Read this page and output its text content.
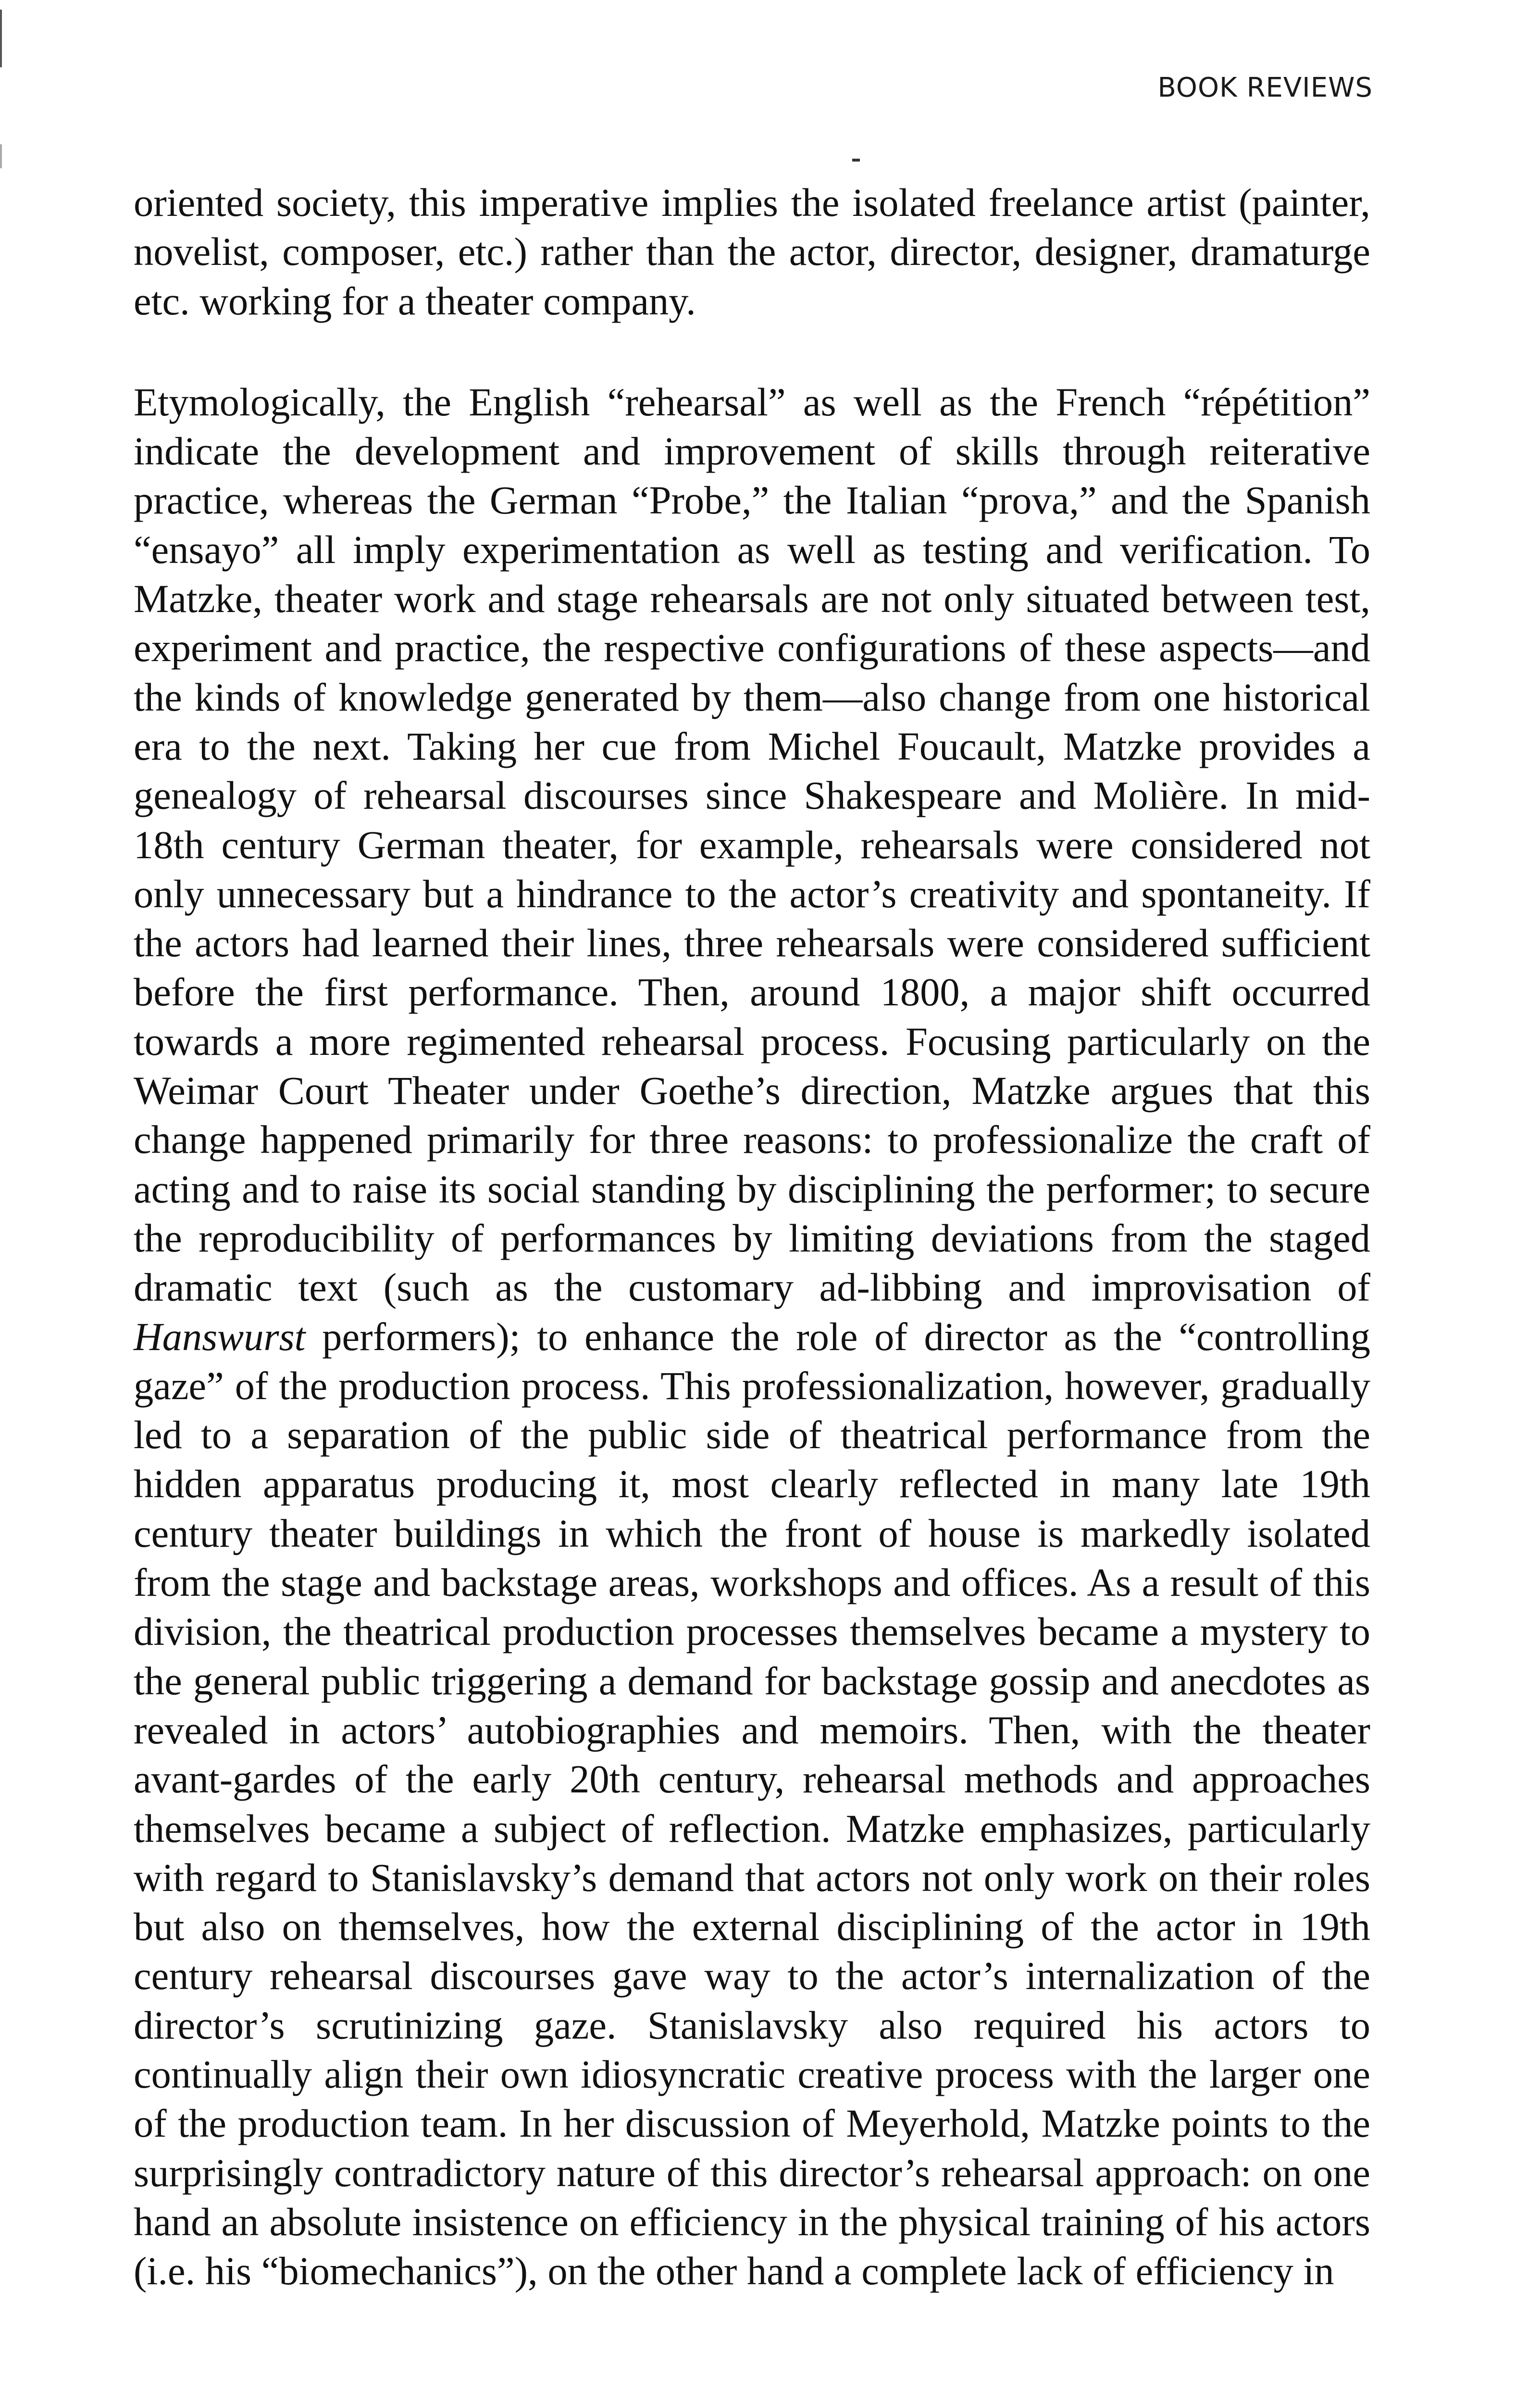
BOOK REVIEWS

oriented society, this imperative implies the isolated freelance artist (painter, novelist, composer, etc.) rather than the actor, director, designer, dramaturge etc. working for a theater company.

Etymologically, the English “rehearsal” as well as the French “répétition” indicate the development and improvement of skills through reiterative practice, whereas the German “Probe,” the Italian “prova,” and the Spanish “ensayo” all imply experimentation as well as testing and verification. To Matzke, theater work and stage rehearsals are not only situated between test, experiment and practice, the respective configurations of these aspects—and the kinds of knowledge generated by them—also change from one historical era to the next. Taking her cue from Michel Foucault, Matzke provides a genealogy of rehearsal discourses since Shakespeare and Molière. In mid-18th century German theater, for example, rehearsals were considered not only unnecessary but a hindrance to the actor’s creativity and spontaneity. If the actors had learned their lines, three rehearsals were considered sufficient before the first performance. Then, around 1800, a major shift occurred towards a more regimented rehearsal process. Focusing particularly on the Weimar Court Theater under Goethe’s direction, Matzke argues that this change happened primarily for three reasons: to professionalize the craft of acting and to raise its social standing by disciplining the performer; to secure the reproducibility of performances by limiting deviations from the staged dramatic text (such as the customary ad-libbing and improvisation of Hanswurst performers); to enhance the role of director as the “controlling gaze” of the production process. This professionalization, however, gradually led to a separation of the public side of theatrical performance from the hidden apparatus producing it, most clearly reflected in many late 19th century theater buildings in which the front of house is markedly isolated from the stage and backstage areas, workshops and offices. As a result of this division, the theatrical production processes themselves became a mystery to the general public triggering a demand for backstage gossip and anecdotes as revealed in actors’ autobiographies and memoirs. Then, with the theater avant-gardes of the early 20th century, rehearsal methods and approaches themselves became a subject of reflection. Matzke emphasizes, particularly with regard to Stanislavsky’s demand that actors not only work on their roles but also on themselves, how the external disciplining of the actor in 19th century rehearsal discourses gave way to the actor’s internalization of the director’s scrutinizing gaze. Stanislavsky also required his actors to continually align their own idiosyncratic creative process with the larger one of the production team. In her discussion of Meyerhold, Matzke points to the surprisingly contradictory nature of this director’s rehearsal approach: on one hand an absolute insistence on efficiency in the physical training of his actors (i.e. his “biomechanics”), on the other hand a complete lack of efficiency in
